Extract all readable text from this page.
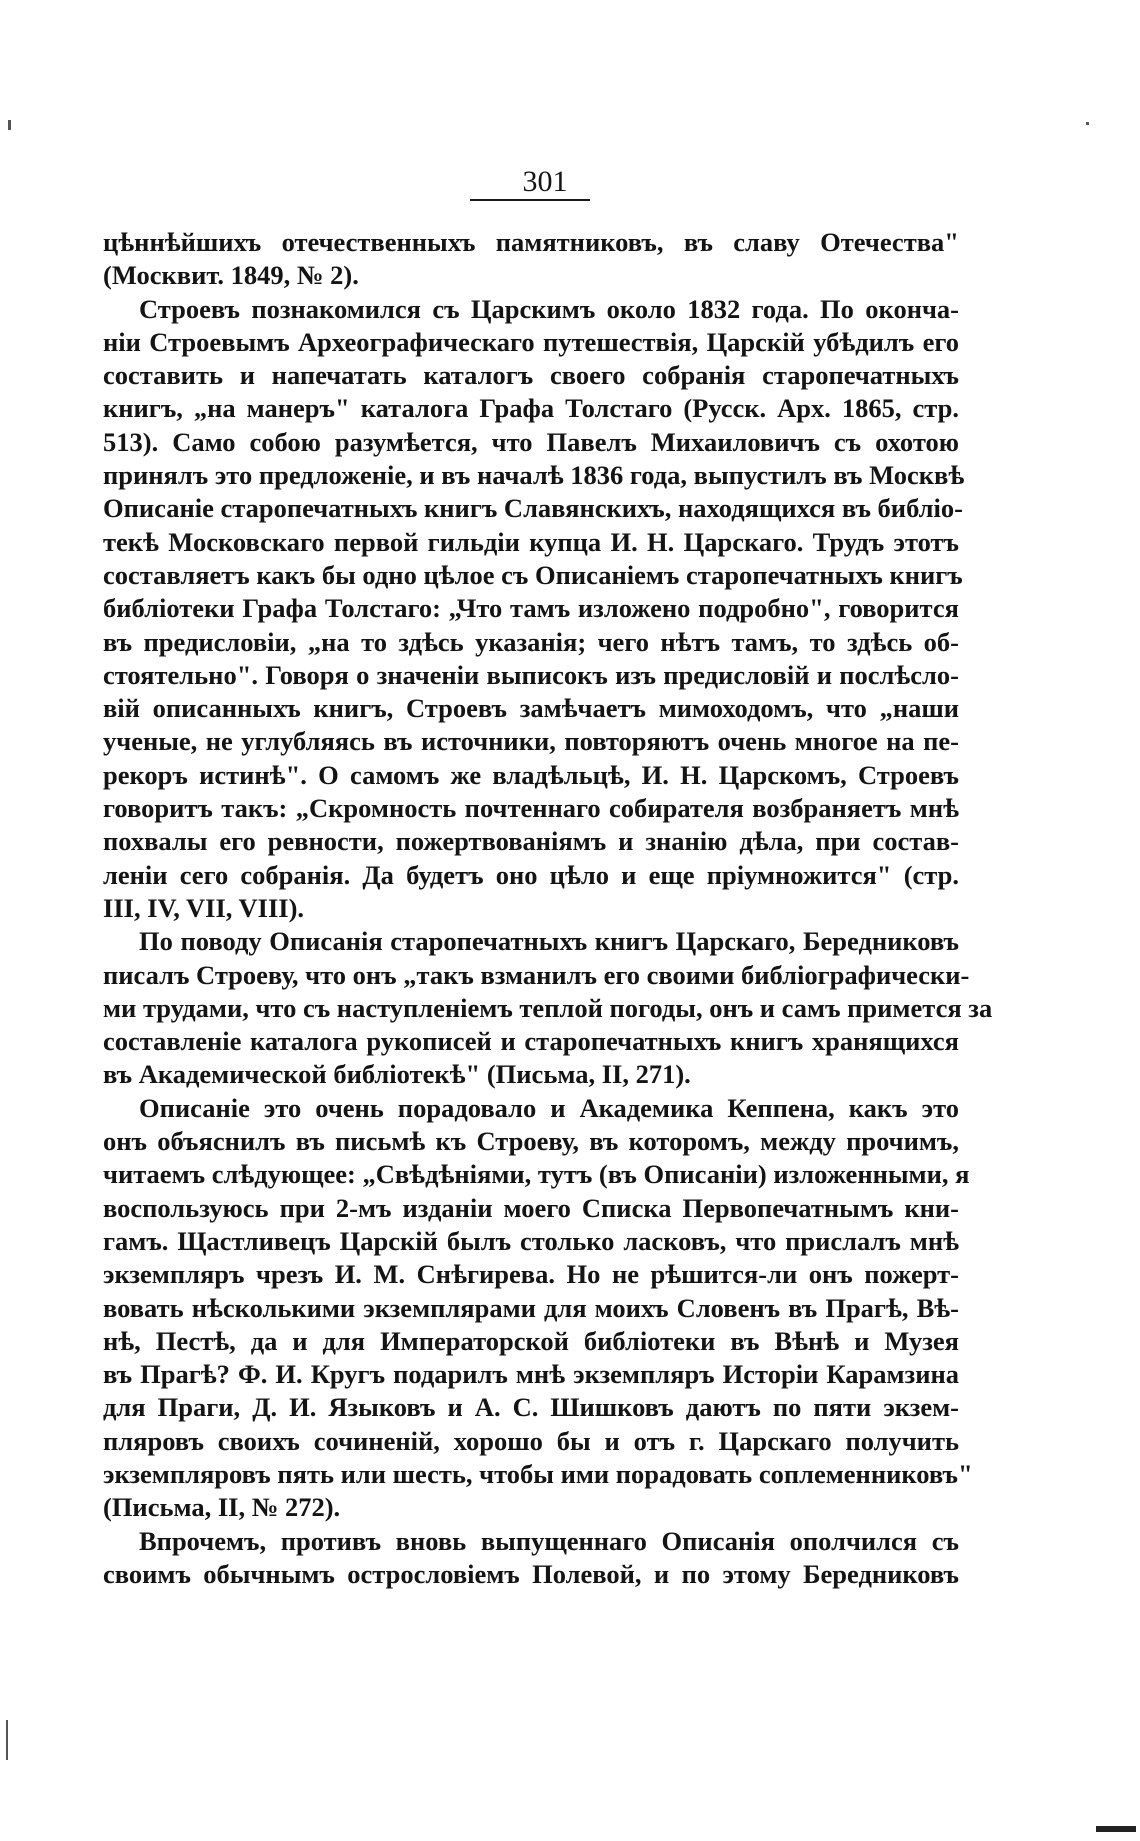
301
цѣннѣйшихъ отечественныхъ памятниковъ, въ славу Отечества"
(Москвит. 1849, № 2).
Строевъ познакомился съ Царскимъ около 1832 года. По оконча-
ніи Строевымъ Археографическаго путешествія, Царскій убѣдилъ его
составить и напечатать каталогъ своего собранія старопечатныхъ
книгъ, „на манеръ" каталога Графа Толстаго (Русск. Арх. 1865, стр.
513). Само собою разумѣется, что Павелъ Михаиловичъ съ охотою
принялъ это предложеніе, и въ началѣ 1836 года, выпустилъ въ Москвѣ
Описаніе старопечатныхъ книгъ Славянскихъ, находящихся въ библіо-
текѣ Московскаго первой гильдіи купца И. Н. Царскаго. Трудъ этотъ
составляетъ какъ бы одно цѣлое съ Описаніемъ старопечатныхъ книгъ
библіотеки Графа Толстаго: „Что тамъ изложено подробно", говорится
въ предисловіи, „на то здѣсь указанія; чего нѣтъ тамъ, то здѣсь об-
стоятельно". Говоря о значеніи выписокъ изъ предисловій и послѣсло-
вій описанныхъ книгъ, Строевъ замѣчаетъ мимоходомъ, что „наши
ученые, не углубляясь въ источники, повторяютъ очень многое на пе-
рекоръ истинѣ". О самомъ же владѣльцѣ, И. Н. Царскомъ, Строевъ
говоритъ такъ: „Скромность почтеннаго собирателя возбраняетъ мнѣ
похвалы его ревности, пожертвованіямъ и знанію дѣла, при состав-
леніи сего собранія. Да будетъ оно цѣло и еще пріумножится" (стр.
III, IV, VII, VIII).
По поводу Описанія старопечатныхъ книгъ Царскаго, Бередниковъ
писалъ Строеву, что онъ „такъ взманилъ его своими библіографически-
ми трудами, что съ наступленіемъ теплой погоды, онъ и самъ примется за
составленіе каталога рукописей и старопечатныхъ книгъ хранящихся
въ Академической библіотекѣ" (Письма, II, 271).
Описаніе это очень порадовало и Академика Кеппена, какъ это
онъ объяснилъ въ письмѣ къ Строеву, въ которомъ, между прочимъ,
читаемъ слѣдующее: „Свѣдѣніями, тутъ (въ Описаніи) изложенными, я
воспользуюсь при 2-мъ изданіи моего Списка Первопечатнымъ кни-
гамъ. Щастливецъ Царскій былъ столько ласковъ, что прислалъ мнѣ
экземпляръ чрезъ И. М. Снѣгирева. Но не рѣшится-ли онъ пожерт-
вовать нѣсколькими экземплярами для моихъ Словенъ въ Прагѣ, Вѣ-
нѣ, Пестѣ, да и для Императорской библіотеки въ Вѣнѣ и Музея
въ Прагѣ? Ф. И. Кругъ подарилъ мнѣ экземпляръ Исторіи Карамзина
для Праги, Д. И. Языковъ и А. С. Шишковъ даютъ по пяти экзем-
пляровъ своихъ сочиненій, хорошо бы и отъ г. Царскаго получить
экземпляровъ пять или шесть, чтобы ими порадовать соплеменниковъ"
(Письма, II, № 272).
Впрочемъ, противъ вновь выпущеннаго Описанія ополчился съ
своимъ обычнымъ острословіемъ Полевой, и по этому Бередниковъ
